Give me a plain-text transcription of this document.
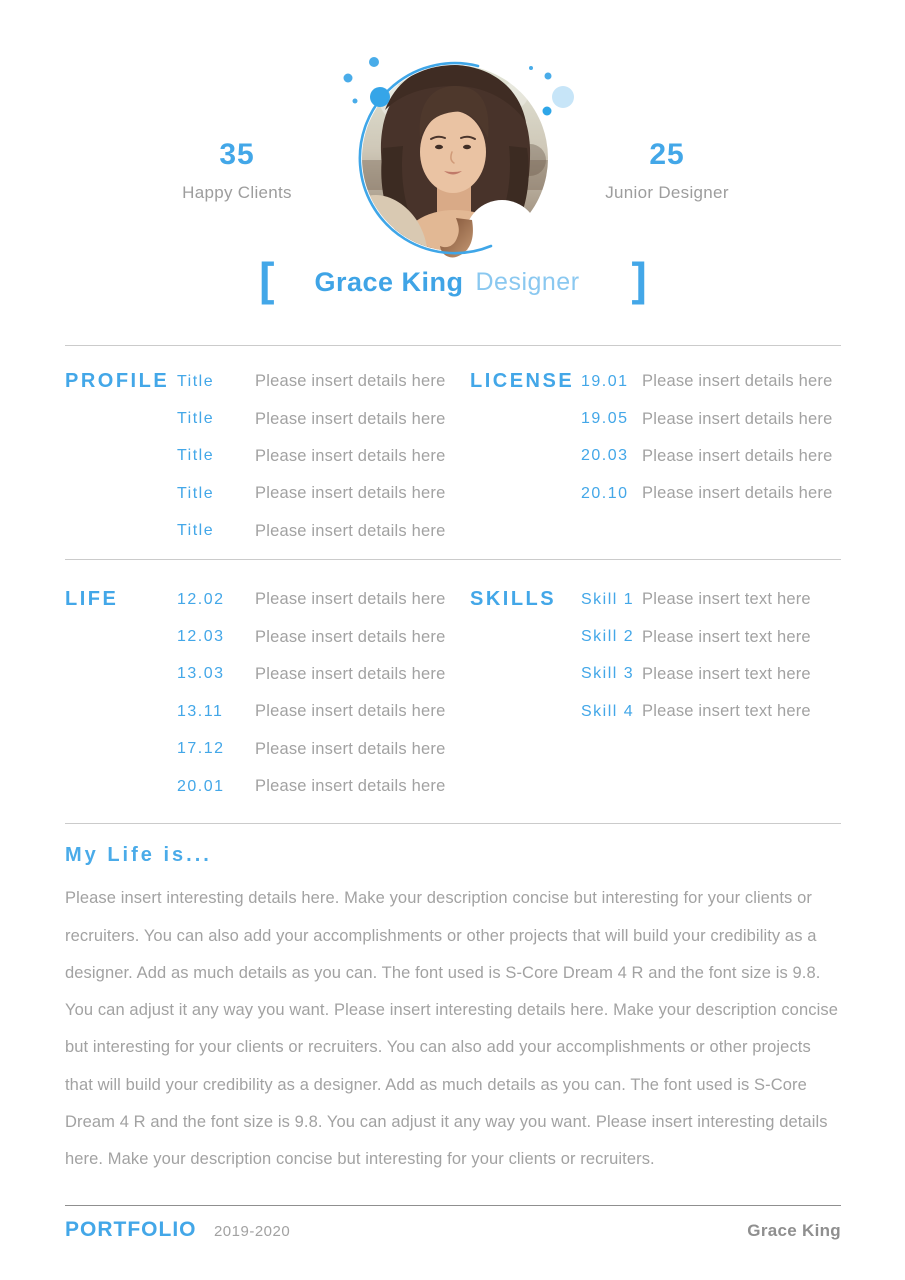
35
Happy Clients
25
Junior Designer
[ Grace King Designer ]
PROFILE Title	Please insert details here
Title	Please insert details here
Title	Please insert details here
Title	Please insert details here
Title	Please insert details here
LICENSE 19.01 Please insert details here
19.05 Please insert details here
20.03 Please insert details here
20.10 Please insert details here
LIFE	12.02	Please insert details here
12.03	Please insert details here
13.03	Please insert details here
13.11	Please insert details here
17.12	Please insert details here
20.01	Please insert details here
SKILLS	Skill 1 Please insert text here
Skill 2 Please insert text here
Skill 3 Please insert text here
Skill 4 Please insert text here
My Life is...

Please insert interesting details here. Make your description concise but interesting for your clients or recruiters. You can also add your accomplishments or other projects that will build your credibility as a designer. Add as much details as you can. The font used is S-Core Dream 4 R and the font size is 9.8. You can adjust it any way you want. Please insert interesting details here. Make your description concise but interesting for your clients or recruiters. You can also add your accomplishments or other projects that will build your credibility as a designer. Add as much details as you can. The font used is S-Core Dream 4 R and the font size is 9.8. You can adjust it any way you want. Please insert interesting details here. Make your description concise but interesting for your clients or recruiters.

PORTFOLIO 2019-2020	Grace King
